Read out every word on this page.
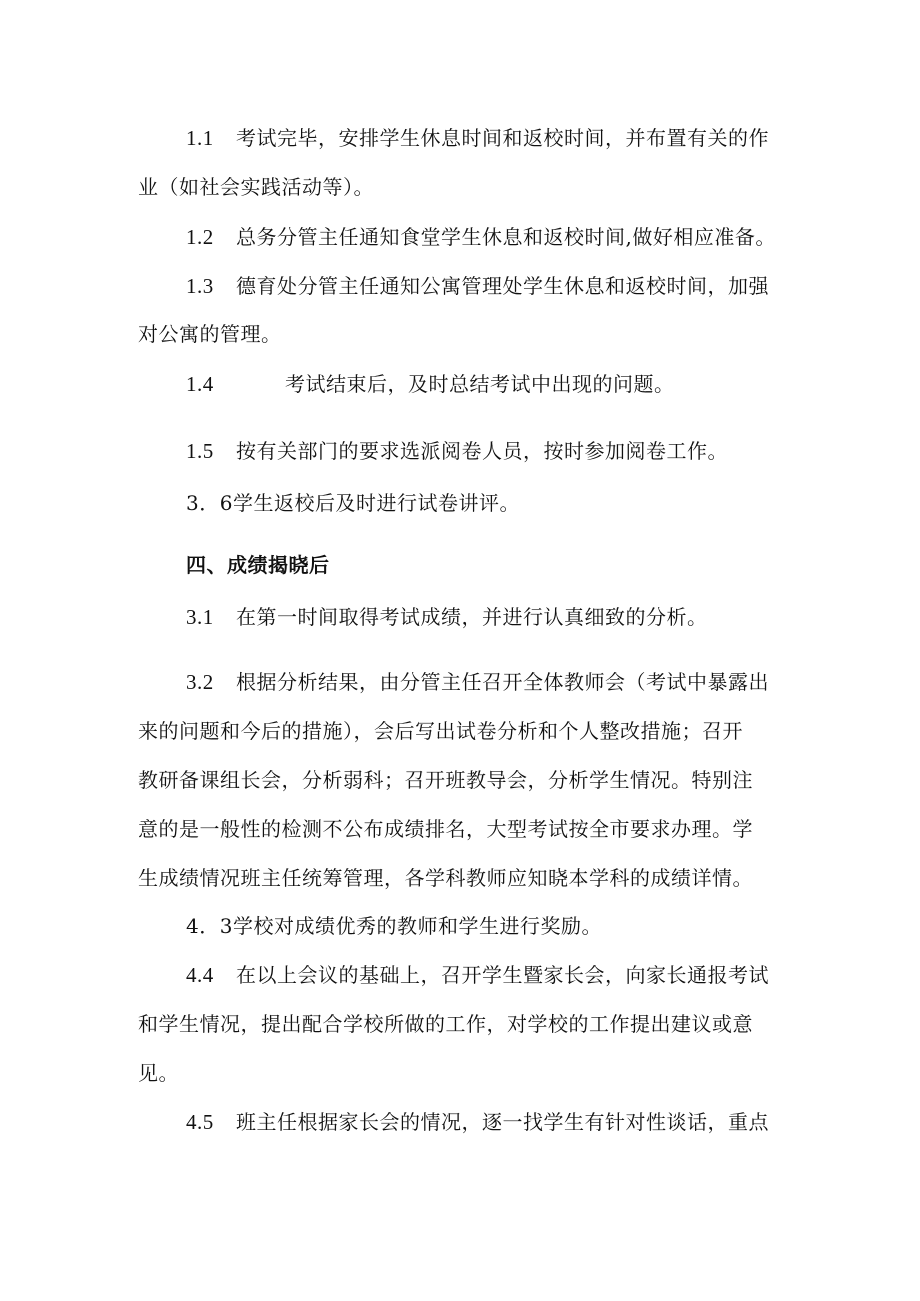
1.1 考试完毕，安排学生休息时间和返校时间，并布置有关的作
业（如社会实践活动等）。
1.2 总务分管主任通知食堂学生休息和返校时间,做好相应准备。
1.3 德育处分管主任通知公寓管理处学生休息和返校时间，加强
对公寓的管理。
1.4	考试结束后，及时总结考试中出现的问题。
1.5 按有关部门的要求选派阅卷人员，按时参加阅卷工作。
3．6学生返校后及时进行试卷讲评。
四、成绩揭晓后
3.1 在第一时间取得考试成绩，并进行认真细致的分析。
3.2 根据分析结果，由分管主任召开全体教师会（考试中暴露出
来的问题和今后的措施），会后写出试卷分析和个人整改措施；召开
教研备课组长会，分析弱科；召开班教导会，分析学生情况。特别注
意的是一般性的检测不公布成绩排名，大型考试按全市要求办理。学
生成绩情况班主任统筹管理，各学科教师应知晓本学科的成绩详情。
4．3学校对成绩优秀的教师和学生进行奖励。
4.4 在以上会议的基础上，召开学生暨家长会，向家长通报考试
和学生情况，提出配合学校所做的工作，对学校的工作提出建议或意
见。
4.5 班主任根据家长会的情况，逐一找学生有针对性谈话，重点
